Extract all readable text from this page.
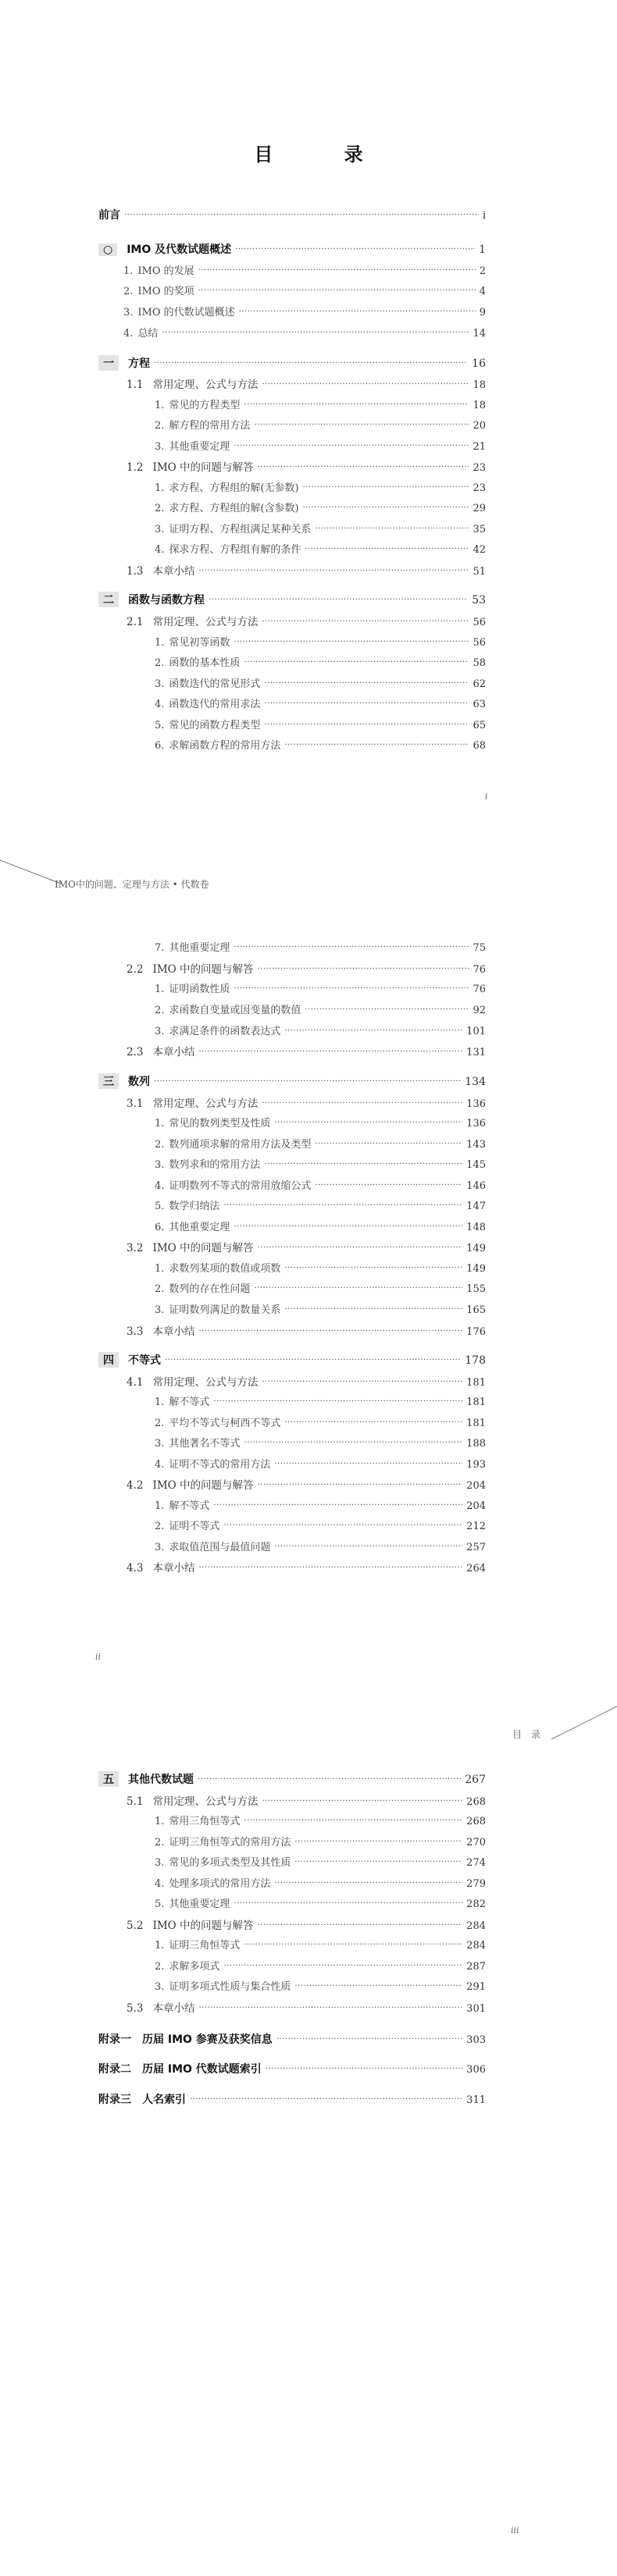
目　录
i
IMO中的问题、定理与方法 • 代数卷
ii
目　录
iii
前言 ·····	i
○	IMO 及代数试题概述 ·····	1
1. IMO 的发展 ·····	2
2. IMO 的奖项 ·····	4
3. IMO 的代数试题概述 ·····	9
4. 总结 ·····	14
一	方程 ·····	16
1.1 常用定理、公式与方法 ·····	18
1. 常见的方程类型 ·····	18
2. 解方程的常用方法 ·····	20
3. 其他重要定理 ·····	21
1.2 IMO 中的问题与解答 ·····	23
1. 求方程、方程组的解(无参数) ·····	23
2. 求方程、方程组的解(含参数) ·····	29
3. 证明方程、方程组满足某种关系 ·····	35
4. 探求方程、方程组有解的条件 ·····	42
1.3 本章小结 ·····	51
二	函数与函数方程 ·····	53
2.1 常用定理、公式与方法 ·····	56
1. 常见初等函数 ·····	56
2. 函数的基本性质 ·····	58
3. 函数迭代的常见形式 ·····	62
4. 函数迭代的常用求法 ·····	63
5. 常见的函数方程类型 ·····	65
6. 求解函数方程的常用方法 ·····	68
7. 其他重要定理 ·····	75
2.2 IMO 中的问题与解答 ·····	76
1. 证明函数性质 ·····	76
2. 求函数自变量或因变量的数值 ·····	92
3. 求满足条件的函数表达式 ·····	101
2.3 本章小结 ·····	131
三	数列 ·····	134
3.1 常用定理、公式与方法 ·····	136
1. 常见的数列类型及性质 ·····	136
2. 数列通项求解的常用方法及类型 ·····	143
3. 数列求和的常用方法 ·····	145
4. 证明数列不等式的常用放缩公式 ·····	146
5. 数学归纳法 ·····	147
6. 其他重要定理 ·····	148
3.2 IMO 中的问题与解答 ·····	149
1. 求数列某项的数值或项数 ·····	149
2. 数列的存在性问题 ·····	155
3. 证明数列满足的数量关系 ·····	165
3.3 本章小结 ·····	176
四	不等式 ·····	178
4.1 常用定理、公式与方法 ·····	181
1. 解不等式 ·····	181
2. 平均不等式与柯西不等式 ·····	181
3. 其他著名不等式 ·····	188
4. 证明不等式的常用方法 ·····	193
4.2 IMO 中的问题与解答 ·····	204
1. 解不等式 ·····	204
2. 证明不等式 ·····	212
3. 求取值范围与最值问题 ·····	257
4.3 本章小结 ·····	264
五	其他代数试题 ·····	267
5.1 常用定理、公式与方法 ·····	268
1. 常用三角恒等式 ·····	268
2. 证明三角恒等式的常用方法 ·····	270
3. 常见的多项式类型及其性质 ·····	274
4. 处理多项式的常用方法 ·····	279
5. 其他重要定理 ·····	282
5.2 IMO 中的问题与解答 ·····	284
1. 证明三角恒等式 ·····	284
2. 求解多项式 ·····	287
3. 证明多项式性质与集合性质 ·····	291
5.3 本章小结 ·····	301
附录一　历届 IMO 参赛及获奖信息 ·····	303
附录二　历届 IMO 代数试题索引 ·····	306
附录三　人名索引 ·····	311
